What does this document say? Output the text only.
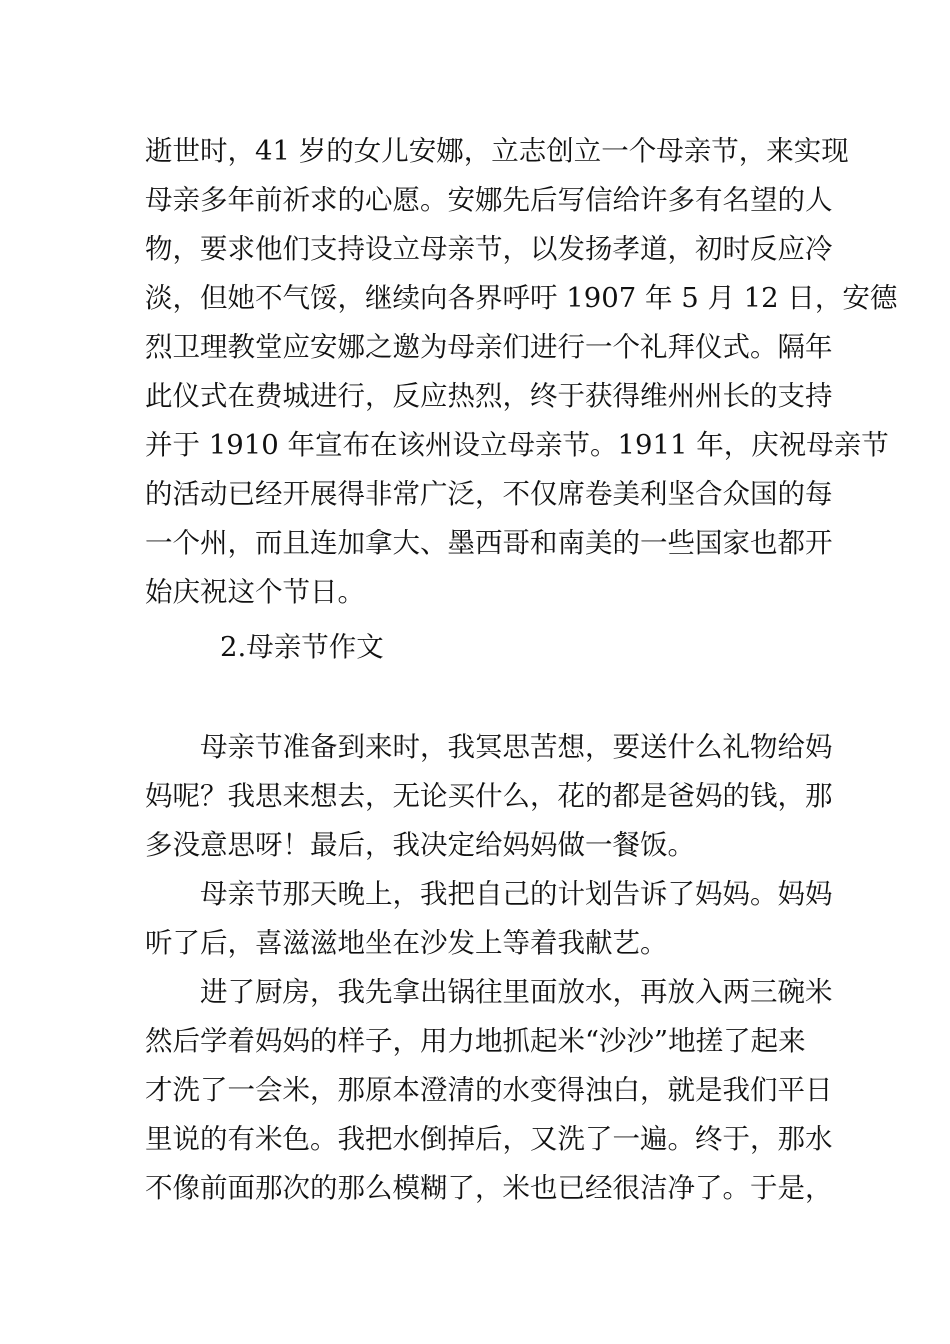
逝世时，41 岁的女儿安娜，立志创立一个母亲节，来实现
母亲多年前祈求的心愿。安娜先后写信给许多有名望的人
物，要求他们支持设立母亲节，以发扬孝道，初时反应冷
淡，但她不气馁，继续向各界呼吁 1907 年 5 月 12 日，安德
烈卫理教堂应安娜之邀为母亲们进行一个礼拜仪式。隔年
此仪式在费城进行，反应热烈，终于获得维州州长的支持
并于 1910 年宣布在该州设立母亲节。1911 年，庆祝母亲节
的活动已经开展得非常广泛，不仅席卷美利坚合众国的每
一个州，而且连加拿大、墨西哥和南美的一些国家也都开
始庆祝这个节日。
2.母亲节作文
母亲节准备到来时，我冥思苦想，要送什么礼物给妈
妈呢？我思来想去，无论买什么，花的都是爸妈的钱，那
多没意思呀！最后，我决定给妈妈做一餐饭。
母亲节那天晚上，我把自己的计划告诉了妈妈。妈妈
听了后，喜滋滋地坐在沙发上等着我献艺。
进了厨房，我先拿出锅往里面放水，再放入两三碗米
然后学着妈妈的样子，用力地抓起米“沙沙”地搓了起来
才洗了一会米，那原本澄清的水变得浊白，就是我们平日
里说的有米色。我把水倒掉后，又洗了一遍。终于，那水
不像前面那次的那么模糊了，米也已经很洁净了。于是，
